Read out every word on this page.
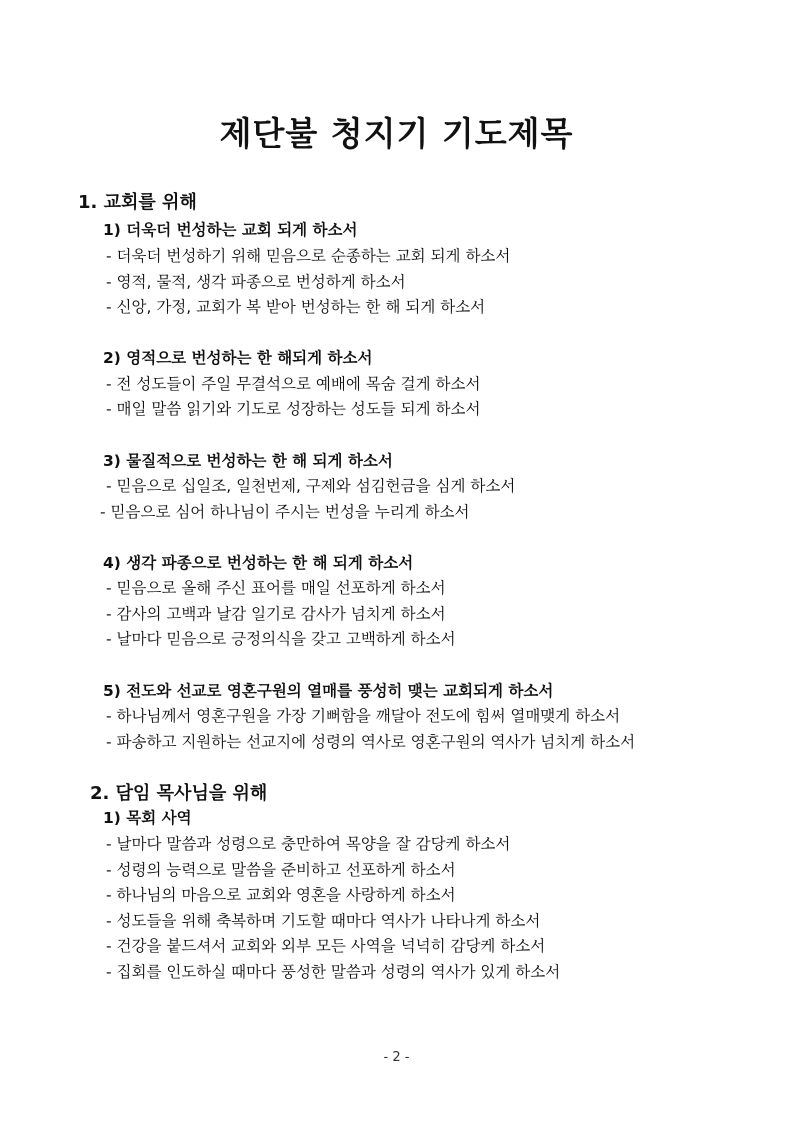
제단불 청지기 기도제목
1. 교회를 위해
1) 더욱더 번성하는 교회 되게 하소서
- 더욱더 번성하기 위해 믿음으로 순종하는 교회 되게 하소서
- 영적, 물적, 생각 파종으로 번성하게 하소서
- 신앙, 가정, 교회가 복 받아 번성하는 한 해 되게 하소서
2) 영적으로 번성하는 한 해되게 하소서
- 전 성도들이 주일 무결석으로 예배에 목숨 걸게 하소서
- 매일 말씀 읽기와 기도로 성장하는 성도들 되게 하소서
3) 물질적으로 번성하는 한 해 되게 하소서
- 믿음으로 십일조, 일천번제, 구제와 섬김헌금을 심게 하소서
- 믿음으로 심어 하나님이 주시는 번성을 누리게 하소서
4) 생각 파종으로 번성하는 한 해 되게 하소서
- 믿음으로 올해 주신 표어를 매일 선포하게 하소서
- 감사의 고백과 날감 일기로 감사가 넘치게 하소서
- 날마다 믿음으로 긍정의식을 갖고 고백하게 하소서
5) 전도와 선교로 영혼구원의 열매를 풍성히 맺는 교회되게 하소서
- 하나님께서 영혼구원을 가장 기뻐함을 깨달아 전도에 힘써 열매맺게 하소서
- 파송하고 지원하는 선교지에 성령의 역사로 영혼구원의 역사가 넘치게 하소서
2. 담임 목사님을 위해
1) 목회 사역
- 날마다 말씀과 성령으로 충만하여 목양을 잘 감당케 하소서
- 성령의 능력으로 말씀을 준비하고 선포하게 하소서
- 하나님의 마음으로 교회와 영혼을 사랑하게 하소서
- 성도들을 위해 축복하며 기도할 때마다 역사가 나타나게 하소서
- 건강을 붙드셔서 교회와 외부 모든 사역을 넉넉히 감당케 하소서
- 집회를 인도하실 때마다 풍성한 말씀과 성령의 역사가 있게 하소서
- 2 -
